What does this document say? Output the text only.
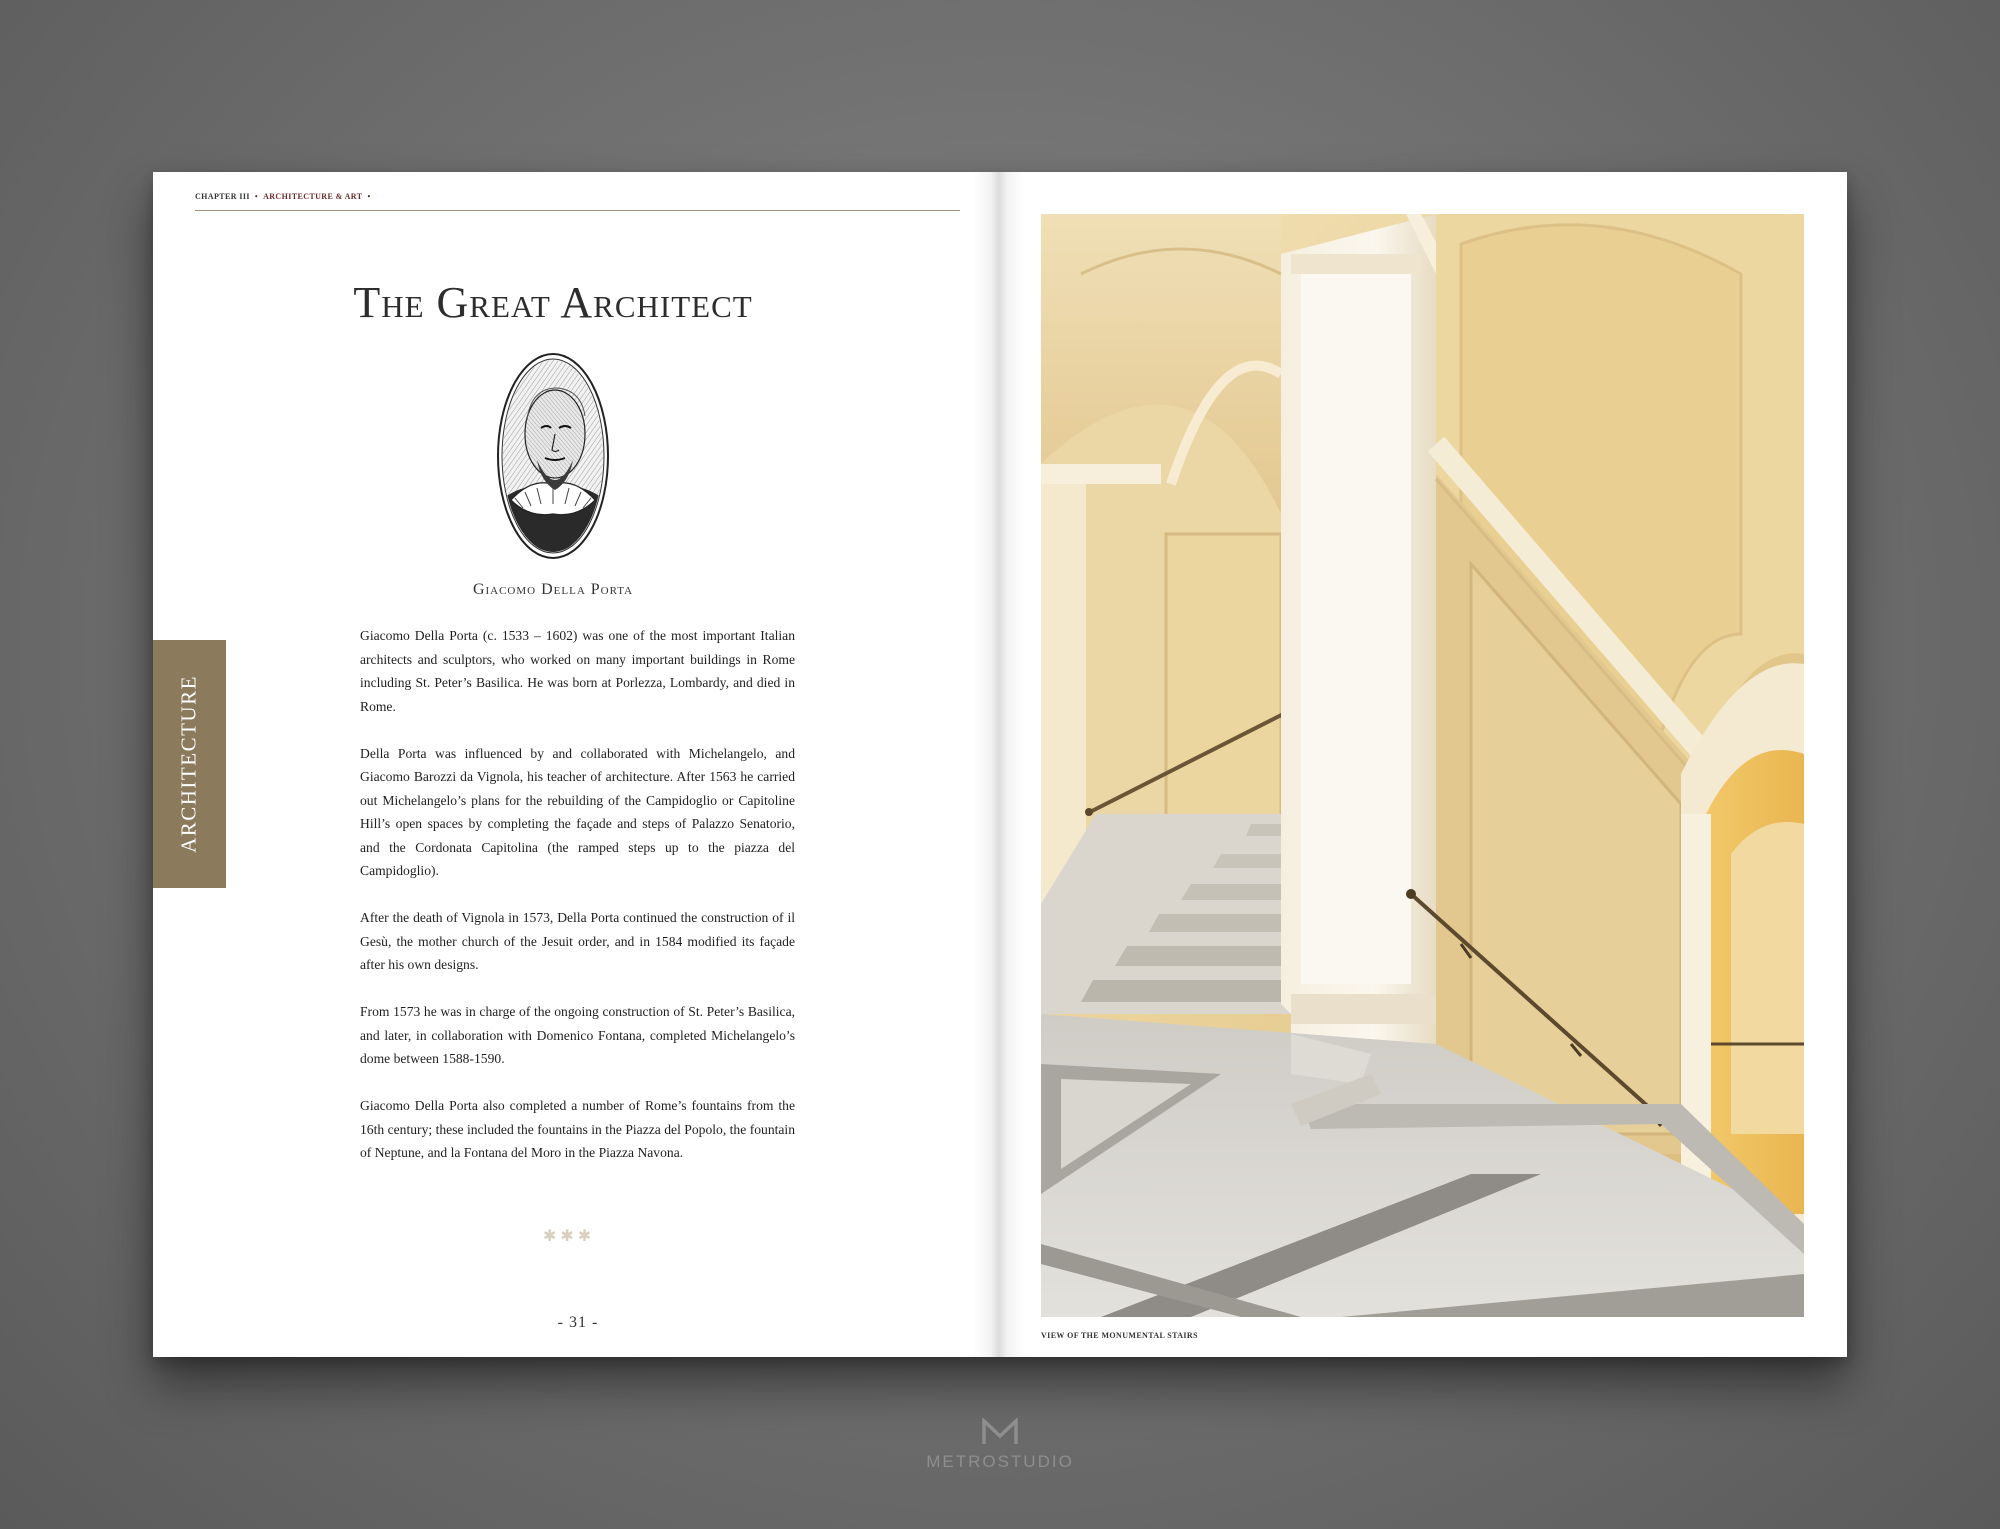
CHAPTER III • ARCHITECTURE & ART •
The Great Architect
Giacomo Della Porta

Giacomo Della Porta (c. 1533 – 1602) was one of the most important Italian architects and sculptors, who worked on many important buildings in Rome including St. Peter’s Basilica. He was born at Porlezza, Lombardy, and died in Rome.

Della Porta was influenced by and collaborated with Michelangelo, and Giacomo Barozzi da Vignola, his teacher of architecture. After 1563 he carried out Michelangelo’s plans for the rebuilding of the Campidoglio or Capitoline Hill’s open spaces by completing the façade and steps of Palazzo Senatorio, and the Cordonata Capitolina (the ramped steps up to the piazza del Campidoglio).

After the death of Vignola in 1573, Della Porta continued the construction of il Gesù, the mother church of the Jesuit order, and in 1584 modified its façade after his own designs.

From 1573 he was in charge of the ongoing construction of St. Peter’s Basilica, and later, in collaboration with Domenico Fontana, completed Michelangelo’s dome between 1588-1590.

Giacomo Della Porta also completed a number of Rome’s fountains from the 16th century; these included the fountains in the Piazza del Popolo, the fountain of Neptune, and la Fontana del Moro in the Piazza Navona.

✱ ✱ ✱
- 31 -
ARCHITECTURE
VIEW OF THE MONUMENTAL STAIRS
METROSTUDIO
